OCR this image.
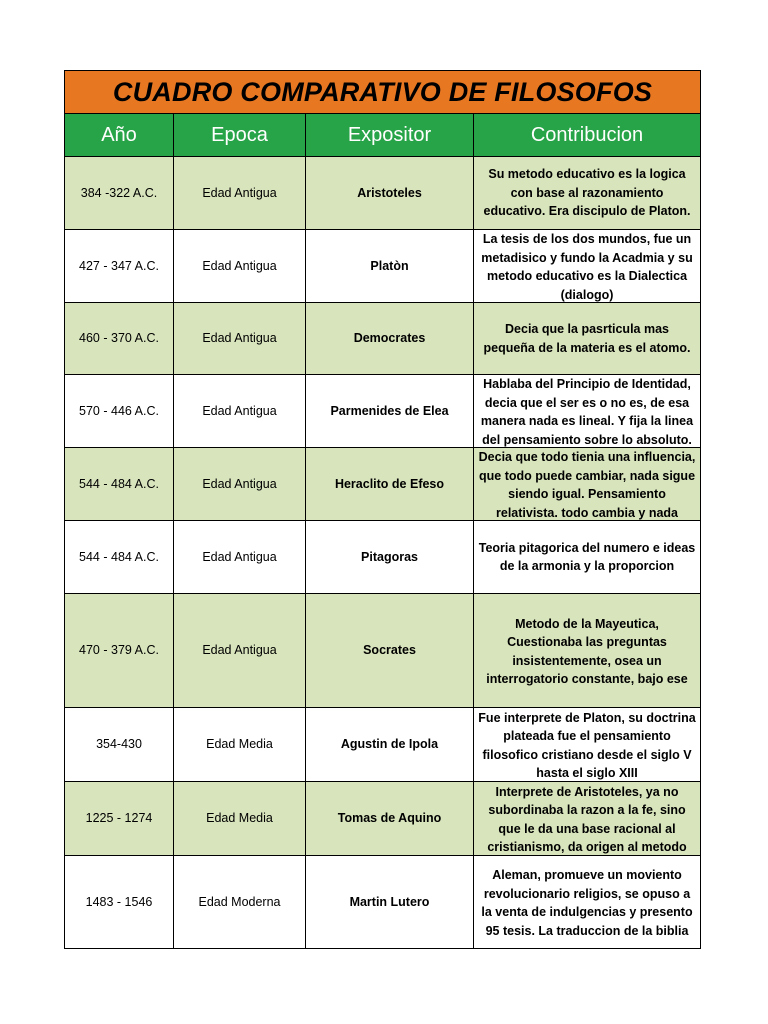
CUADRO COMPARATIVO DE FILOSOFOS			
Año	Epoca	Expositor	Contribucion
384 -322 A.C.	Edad Antigua	Aristoteles	Su metodo educativo es la logica con base al razonamiento educativo. Era discipulo de Platon.

427 - 347 A.C.	Edad Antigua	Platòn	La tesis de los dos mundos, fue un metadisico y fundo la Acadmia y su metodo educativo es la Dialectica (dialogo)

460 - 370 A.C.	Edad Antigua	Democrates	Decia que la pasrticula mas pequeña de la materia es el atomo.

570 - 446 A.C.	Edad Antigua	Parmenides de Elea	Hablaba del Principio de Identidad, decia que el ser es o no es, de esa manera nada es lineal. Y fija la linea del pensamiento sobre lo absoluto.

544 - 484 A.C.	Edad Antigua	Heraclito de Efeso	Decia que todo tienia una influencia, que todo puede cambiar, nada sigue siendo igual. Pensamiento relativista. todo cambia y nada

544 - 484 A.C.	Edad Antigua	Pitagoras	Teoria pitagorica del numero e ideas de la armonia y la proporcion

470 - 379 A.C.	Edad Antigua	Socrates	Metodo de la Mayeutica, Cuestionaba las preguntas insistentemente, osea un interrogatorio constante, bajo ese

354-430	Edad Media	Agustin de Ipola	Fue interprete de Platon, su doctrina plateada fue el pensamiento filosofico cristiano desde el siglo V hasta el siglo XIII

1225 - 1274	Edad Media	Tomas de Aquino	Interprete de Aristoteles, ya no subordinaba la razon a la fe, sino que le da una base racional al cristianismo, da origen al metodo

1483 - 1546	Edad Moderna	Martin Lutero	Aleman, promueve un moviento revolucionario religios, se opuso a la venta de indulgencias y presento 95 tesis. La traduccion de la biblia
